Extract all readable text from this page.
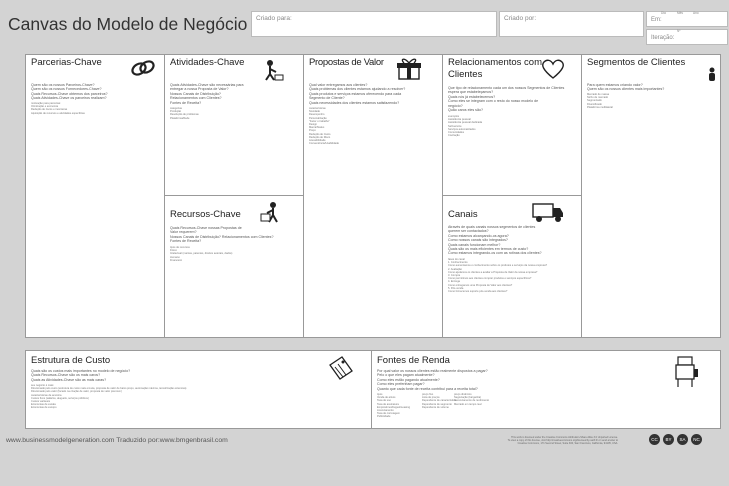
Canvas do Modelo de Negócio Criado para:	Criado por:	Em:
Dia	Mês	Ano
Iteração:
Nº
Parcerias-Chave
Quem são os nossos Parceiros-Chave?
Quem são os nossos Fornecedores-Chave?
Quais Recursos-Chave obtemos dos parceiros?
Quais Atividades-Chave os parceiros realizam?
motivação para parcerias:
Otimização e economia
Redução de riscos e incertezas
Aquisição de recursos e atividades específicas
Atividades-Chave
Quais Atividades-Chave são necessárias para
entregar a nossa Proposta de Valor?
Nossos Canais de Distribuição?
Relacionamentos com Clientes?
Fontes de Receita?
categorias
Produção
Resolução de problemas
Plataforma/Rede
Recursos-Chave
Quais Recursos-Chave nossas Propostas de
Valor requerem?
Nossos Canais de Distribuição? Relacionamentos com Clientes?
Fontes de Receita?
tipos de recursos
Físico
Intelectual (marcas, patentes, direitos autorais, dados)
Humano
Financeiro
Propostas de Valor
Qual valor entregamos aos clientes?
Quais problemas dos clientes estamos ajudando a resolver?
Quais produtos e serviços estamos oferecendo para cada
Segmento de Cliente?
Quais necessidades dos clientes estamos satisfazendo?
características
Novidade
Desempenho
Personalização
"Fazer o trabalho"
Design
Marca/Status
Preço
Redução de Custo
Redução de Risco
Acessibilidade
Conveniência/Usabilidade
Relacionamentos com
Clientes
Que tipo de relacionamento cada um dos nossos Segmentos de Clientes
espera que estabeleçamos?
Quais nós já estabelecemos?
Como eles se integram com o resto do nosso modelo de
negócio?
Quão caros eles são?
exemplos
Assistência pessoal
Assistência pessoal dedicada
Self-service
Serviços automatizados
Comunidades
Cocriação
Canais
Através de quais canais nossos segmentos de clientes
querem ser contactados?
Como estamos alcançando-os agora?
Como nossos canais são integrados?
Quais canais funcionam melhor?
Quais são os mais eficientes em termos de custo?
Como estamos integrando-os com as rotinas dos clientes?
fases do canal
1. Conhecimento
Como aumentamos o conhecimento sobre os produtos e serviços da nossa empresa?
2. Avaliação
Como ajudamos os clientes a avaliar a Proposta de Valor da nossa empresa?
3. Compra
Como permitimos aos clientes comprar produtos e serviços específicos?
4. Entrega
Como entregamos uma Proposta de Valor aos clientes?
5. Pós-venda
Como fornecemos suporte pós-venda aos clientes?
Segmentos de Clientes
Para quem estamos criando valor?
Quem são os nossos clientes mais importantes?
Mercado de massa
Nicho de mercado
Segmentado
Diversificado
Plataforma multilateral
Estrutura de Custo
Quais são os custos mais importantes no modelo de negócio?
Quais Recursos-Chave são os mais caros?
Quais as Atividades-Chave são as mais caras?
seu negócio é mais:
Direcionado pelo custo (estrutura de custo mais enxuta, proposta de valor de baixo preço, automação máxima, terceirização extensiva)
Direcionado pelo valor (focado na criação de valor, proposta de valor premium)
características de amostra
Custos fixos (salários, aluguéis, serviços públicos)
Custos variáveis
Economias de escala
Economias de escopo
Fontes de Renda
Por qual valor os nossos clientes estão realmente dispostos a pagar?
Pelo o que eles pagam atualmente?
Como eles estão pagando atualmente?
Como eles prefeririam pagar?
Quanto que cada fonte de receita contribui para a receita total?
tipos
Venda de ativos
Taxa de uso
Taxa de assinatura
Empréstimo/Aluguel/Leasing
Licenciamento
Taxa de corretagem
Publicidade
preço fixo
Lista de preços
Dependente de característica
Dependente de segmento
Dependente de volume
preço dinâmico
Negociação (barganha)
Gerenciamento de rendimento
Mercado em tempo real
www.businessmodelgeneration.com Traduzido por:www.bmgenbrasil.com	This work is licensed under the Creative Commons Attribution-Share Alike 3.0 Unported License.
To view a copy of this license, visit http://creativecommons.org/licenses/by-sa/3.0/ or send a letter to
Creative Commons, 171 Second Street, Suite 300, San Francisco, California, 94105, USA.
CC	BY	SA	NC
